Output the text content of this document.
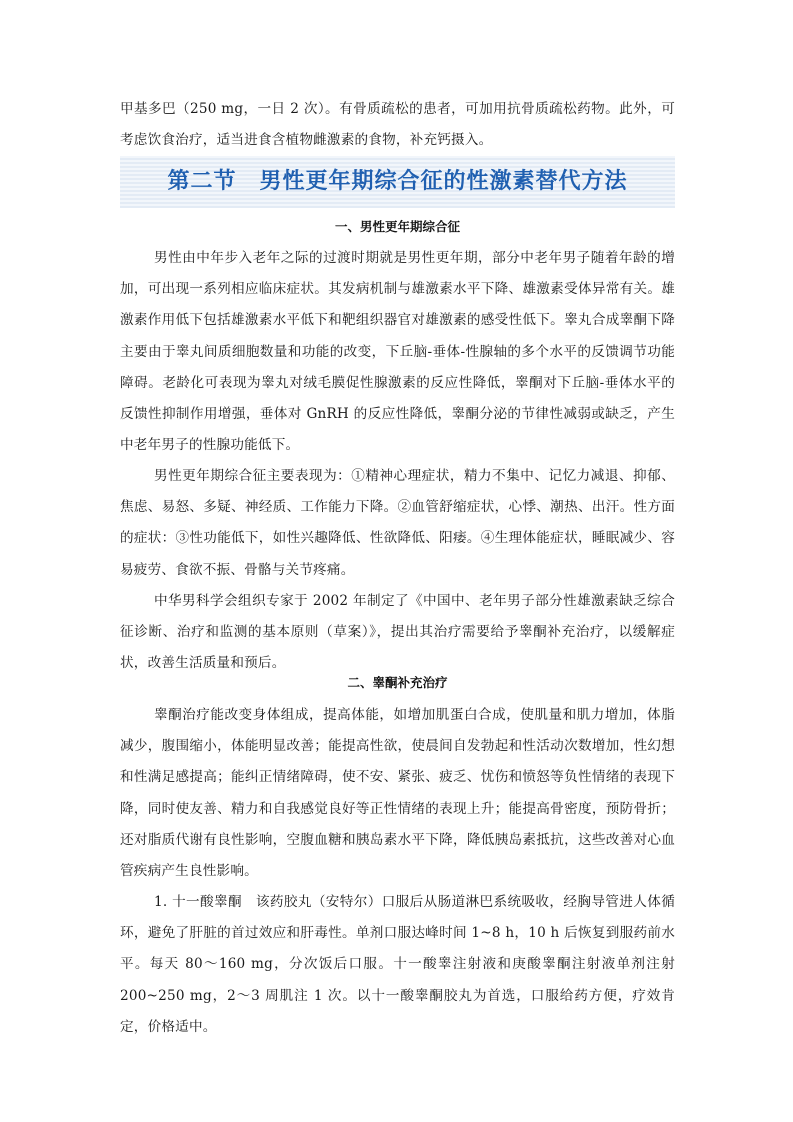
甲基多巴（250 mg，一日 2 次）。有骨质疏松的患者，可加用抗骨质疏松药物。此外，可考虑饮食治疗，适当进食含植物雌激素的食物，补充钙摄入。

第二节　男性更年期综合征的性激素替代方法
一、男性更年期综合征

男性由中年步入老年之际的过渡时期就是男性更年期，部分中老年男子随着年龄的增加，可出现一系列相应临床症状。其发病机制与雄激素水平下降、雄激素受体异常有关。雄激素作用低下包括雄激素水平低下和靶组织器官对雄激素的感受性低下。睾丸合成睾酮下降主要由于睾丸间质细胞数量和功能的改变，下丘脑-垂体-性腺轴的多个水平的反馈调节功能障碍。老龄化可表现为睾丸对绒毛膜促性腺激素的反应性降低，睾酮对下丘脑-垂体水平的反馈性抑制作用增强，垂体对 GnRH 的反应性降低，睾酮分泌的节律性减弱或缺乏，产生中老年男子的性腺功能低下。

男性更年期综合征主要表现为：①精神心理症状，精力不集中、记忆力减退、抑郁、焦虑、易怒、多疑、神经质、工作能力下降。②血管舒缩症状，心悸、潮热、出汗。性方面的症状：③性功能低下，如性兴趣降低、性欲降低、阳痿。④生理体能症状，睡眠减少、容易疲劳、食欲不振、骨骼与关节疼痛。

中华男科学会组织专家于 2002 年制定了《中国中、老年男子部分性雄激素缺乏综合征诊断、治疗和监测的基本原则（草案）》，提出其治疗需要给予睾酮补充治疗，以缓解症状，改善生活质量和预后。

二、睾酮补充治疗

睾酮治疗能改变身体组成，提高体能，如增加肌蛋白合成，使肌量和肌力增加，体脂减少，腹围缩小，体能明显改善；能提高性欲，使晨间自发勃起和性活动次数增加，性幻想和性满足感提高；能纠正情绪障碍，使不安、紧张、疲乏、忧伤和愤怒等负性情绪的表现下降，同时使友善、精力和自我感觉良好等正性情绪的表现上升；能提高骨密度，预防骨折；还对脂质代谢有良性影响，空腹血糖和胰岛素水平下降，降低胰岛素抵抗，这些改善对心血管疾病产生良性影响。

1. 十一酸睾酮　该药胶丸（安特尔）口服后从肠道淋巴系统吸收，经胸导管进人体循环，避免了肝脏的首过效应和肝毒性。单剂口服达峰时间 1~8 h，10 h 后恢复到服药前水平。每天 80～160 mg，分次饭后口服。十一酸睾注射液和庚酸睾酮注射液单剂注射 200~250 mg，2～3 周肌注 1 次。以十一酸睾酮胶丸为首选，口服给药方便，疗效肯定，价格适中。
